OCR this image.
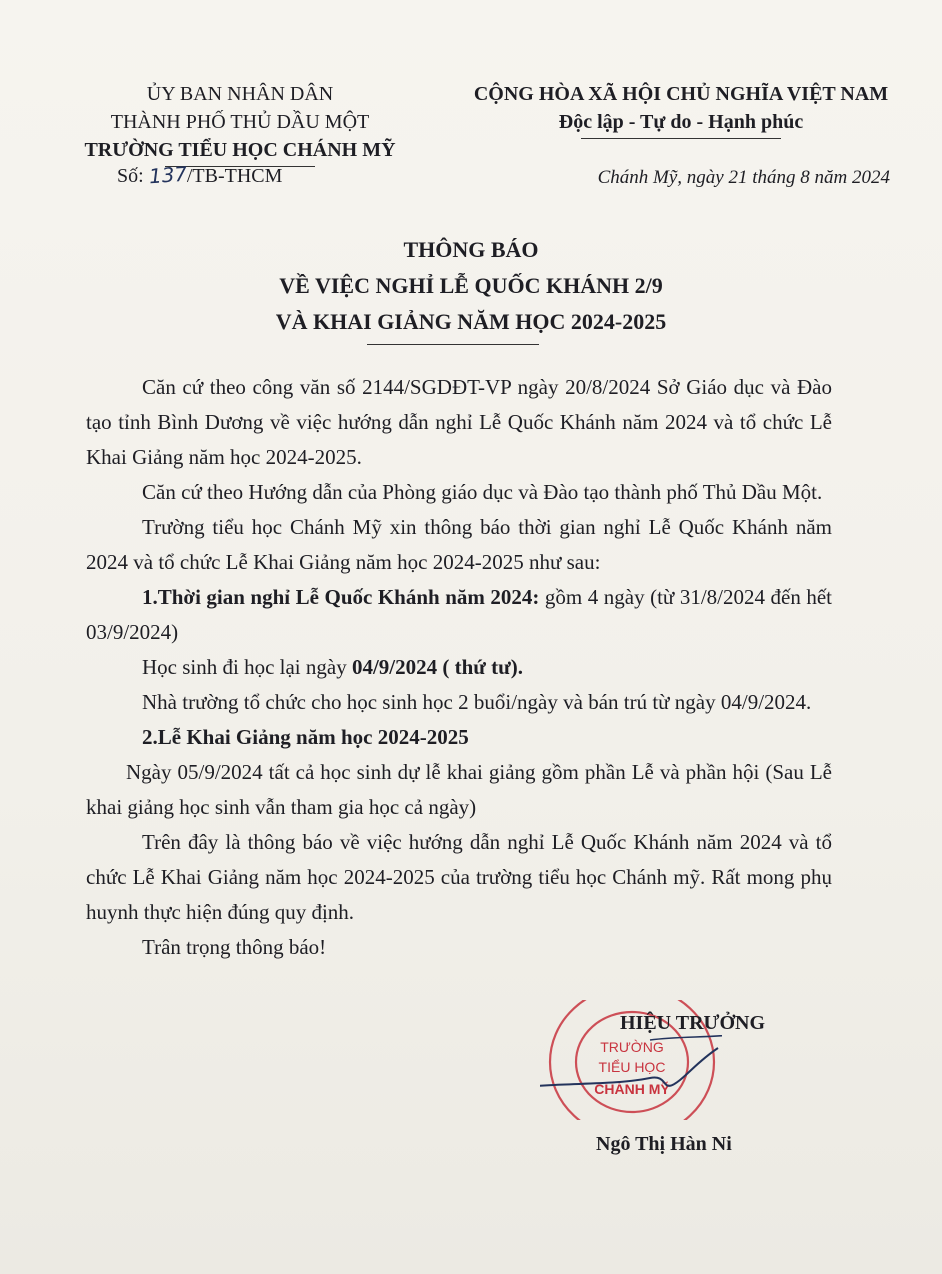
ỦY BAN NHÂN DÂN
THÀNH PHỐ THỦ DẦU MỘT
TRƯỜNG TIỂU HỌC CHÁNH MỸ
Số: 137/TB-THCM
CỘNG HÒA XÃ HỘI CHỦ NGHĨA VIỆT NAM
Độc lập - Tự do - Hạnh phúc
Chánh Mỹ, ngày 21 tháng 8 năm 2024
THÔNG BÁO
VỀ VIỆC NGHỈ LỄ QUỐC KHÁNH 2/9
VÀ KHAI GIẢNG NĂM HỌC 2024-2025

Căn cứ theo công văn số 2144/SGDĐT-VP ngày 20/8/2024 Sở Giáo dục và Đào tạo tỉnh Bình Dương về việc hướng dẫn nghỉ Lễ Quốc Khánh năm 2024 và tổ chức Lễ Khai Giảng năm học 2024-2025.

Căn cứ theo Hướng dẫn của Phòng giáo dục và Đào tạo thành phố Thủ Dầu Một.

Trường tiểu học Chánh Mỹ xin thông báo thời gian nghỉ Lễ Quốc Khánh năm 2024 và tổ chức Lễ Khai Giảng năm học 2024-2025 như sau:

1.Thời gian nghỉ Lễ Quốc Khánh năm 2024: gồm 4 ngày (từ 31/8/2024 đến hết 03/9/2024)

Học sinh đi học lại ngày 04/9/2024 ( thứ tư).

Nhà trường tổ chức cho học sinh học 2 buổi/ngày và bán trú từ ngày 04/9/2024.

2.Lễ Khai Giảng năm học 2024-2025

Ngày 05/9/2024 tất cả học sinh dự lễ khai giảng gồm phần Lễ và phần hội (Sau Lễ khai giảng học sinh vẫn tham gia học cả ngày)

Trên đây là thông báo về việc hướng dẫn nghỉ Lễ Quốc Khánh năm 2024 và tổ chức Lễ Khai Giảng năm học 2024-2025 của trường tiểu học Chánh mỹ. Rất mong phụ huynh thực hiện đúng quy định.

Trân trọng thông báo!

TRƯỜNG
TIỂU HỌC
CHÁNH MỸ
HIỆU TRƯỞNG
Ngô Thị Hàn Ni
